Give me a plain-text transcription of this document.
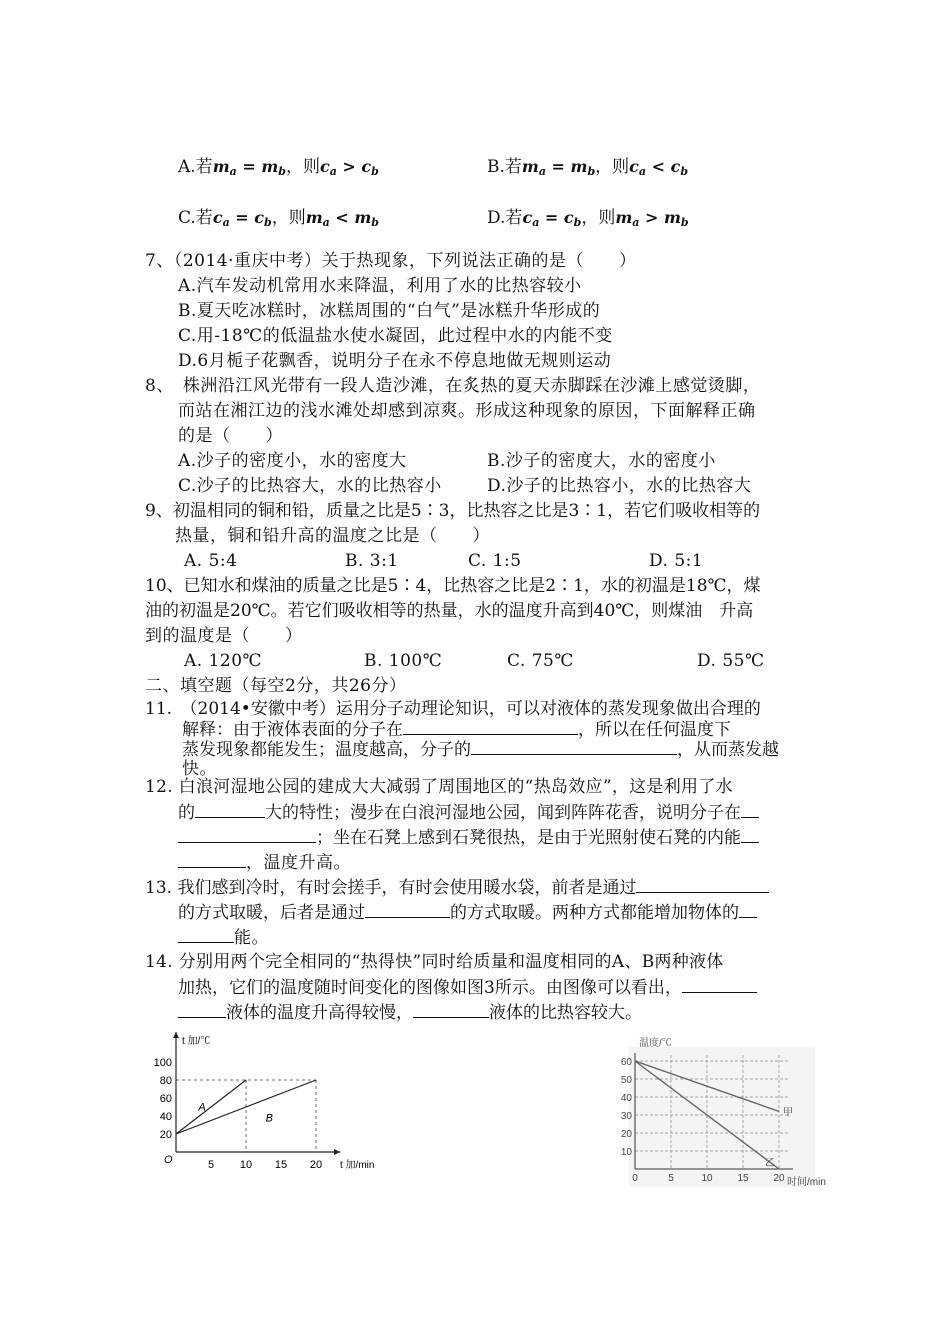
A.若$m_a = m_b$，则$c_a > c_b$	B.若$m_a = m_b$，则$c_a < c_b$
C.若$c_a = c_b$，则$m_a < m_b$	D.若$c_a = c_b$，则$m_a > m_b$
7、（2014·重庆中考）关于热现象，下列说法正确的是（　　）
A.汽车发动机常用水来降温，利用了水的比热容较小
B.夏天吃冰糕时，冰糕周围的“白气”是冰糕升华形成的
C.用-18℃的低温盐水使水凝固，此过程中水的内能不变
D.6月栀子花飘香，说明分子在永不停息地做无规则运动
8、　株洲沿江风光带有一段人造沙滩，在炙热的夏天赤脚踩在沙滩上感觉烫脚，
而站在湘江边的浅水滩处却感到凉爽。形成这种现象的原因，下面解释正确
的是（　　）
A.沙子的密度小，水的密度大	B.沙子的密度大，水的密度小
C.沙子的比热容大，水的比热容小	D.沙子的比热容小，水的比热容大
9、初温相同的铜和铅，质量之比是5∶3，比热容之比是3∶1，若它们吸收相等的
热量，铜和铅升高的温度之比是（　　）
A. 5:4	B. 3:1	C. 1:5	D. 5:1
10、已知水和煤油的质量之比是5∶4，比热容之比是2∶1，水的初温是18℃，煤
油的初温是20℃。若它们吸收相等的热量，水的温度升高到40℃，则煤油　升高
到的温度是（　　）
A. 120℃	B. 100℃	C. 75℃	D. 55℃
二、填空题（每空2分，共26分）
11.　（2014•安徽中考）运用分子动理论知识，可以对液体的蒸发现象做出合理的
解释：由于液体表面的分子在	，所以在任何温度下
蒸发现象都能发生；温度越高，分子的	，从而蒸发越
快。
12. 白浪河湿地公园的建成大大减弱了周围地区的“热岛效应”，这是利用了水
的	大的特性；漫步在白浪河湿地公园，闻到阵阵花香，说明分子在
；坐在石凳上感到石凳很热，是由于光照射使石凳的内能
，温度升高。
13. 我们感到冷时，有时会搓手，有时会使用暖水袋，前者是通过
的方式取暖，后者是通过	的方式取暖。两种方式都能增加物体的
能。
14. 分别用两个完全相同的“热得快”同时给质量和温度相同的A、B两种液体
加热，它们的温度随时间变化的图像如图3所示。由图像可以看出，
液体的温度升高得较慢，	液体的比热容较大。
A
B
5 10 15 20
20
40
60
80
100
O	t 加/min
t 加/℃
甲
乙
0	5	10 15 20
10
20
30
40
50
60
时间/min
温度/℃
